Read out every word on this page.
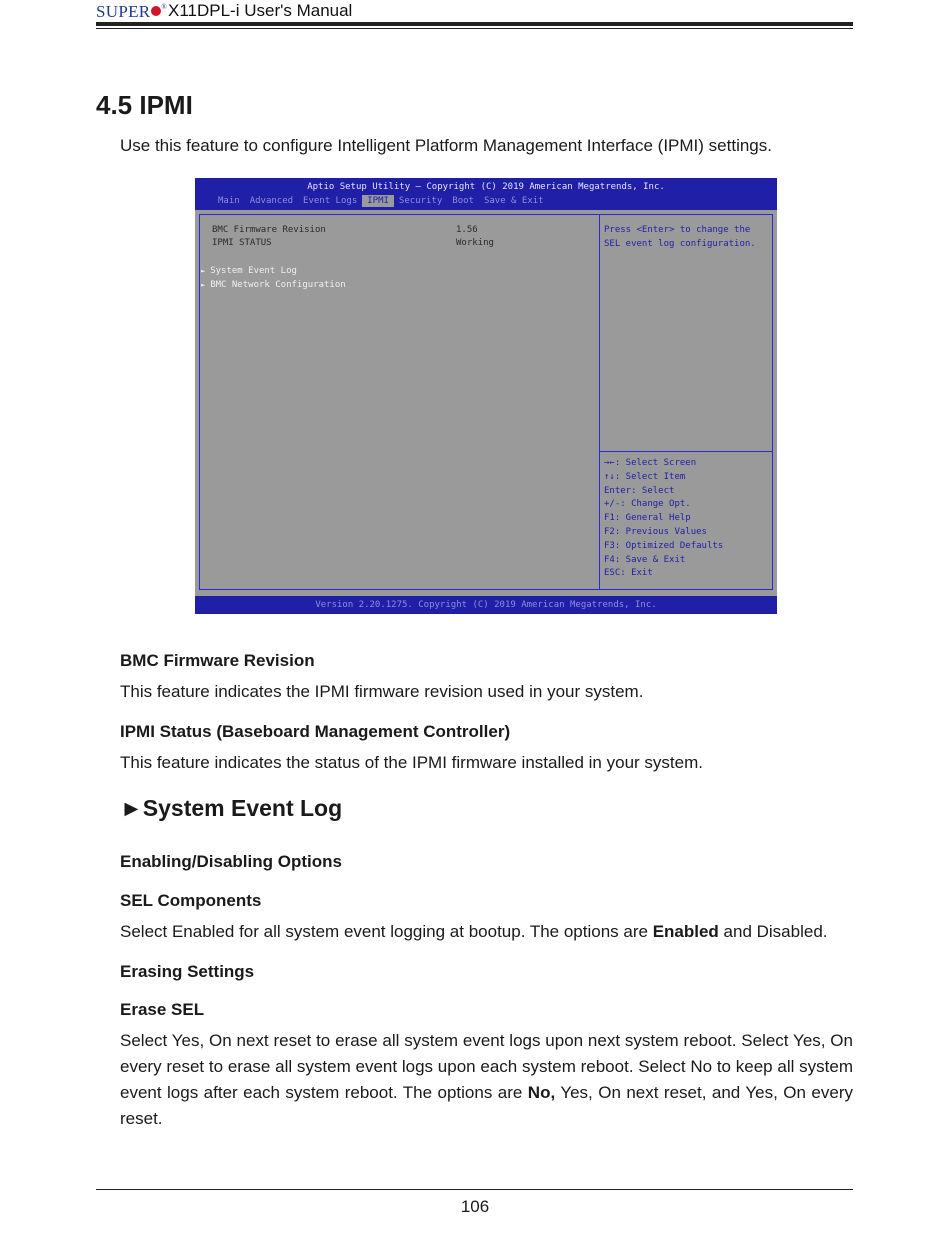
SUPER ® X11DPL-i User's Manual
4.5 IPMI
Use this feature to configure Intelligent Platform Management Interface (IPMI) settings.
Aptio Setup Utility – Copyright (C) 2019 American Megatrends, Inc.
Main	Advanced	Event Logs	IPMI	Security	Boot	Save & Exit
BMC Firmware Revision	1.56
IPMI STATUS	Working
► System Event Log
► BMC Network Configuration
Press <Enter> to change the
SEL event log configuration.
→←: Select Screen
↑↓: Select Item
Enter: Select
+/-: Change Opt.
F1: General Help
F2: Previous Values
F3: Optimized Defaults
F4: Save & Exit
ESC: Exit
Version 2.20.1275. Copyright (C) 2019 American Megatrends, Inc.
BMC Firmware Revision
This feature indicates the IPMI firmware revision used in your system.
IPMI Status (Baseboard Management Controller)
This feature indicates the status of the IPMI firmware installed in your system.
►System Event Log
Enabling/Disabling Options
SEL Components
Select Enabled for all system event logging at bootup. The options are Enabled and Disabled.
Erasing Settings
Erase SEL
Select Yes, On next reset to erase all system event logs upon next system reboot. Select Yes, On every reset to erase all system event logs upon each system reboot. Select No to keep all system event logs after each system reboot. The options are No, Yes, On next reset, and Yes, On every reset.
106
